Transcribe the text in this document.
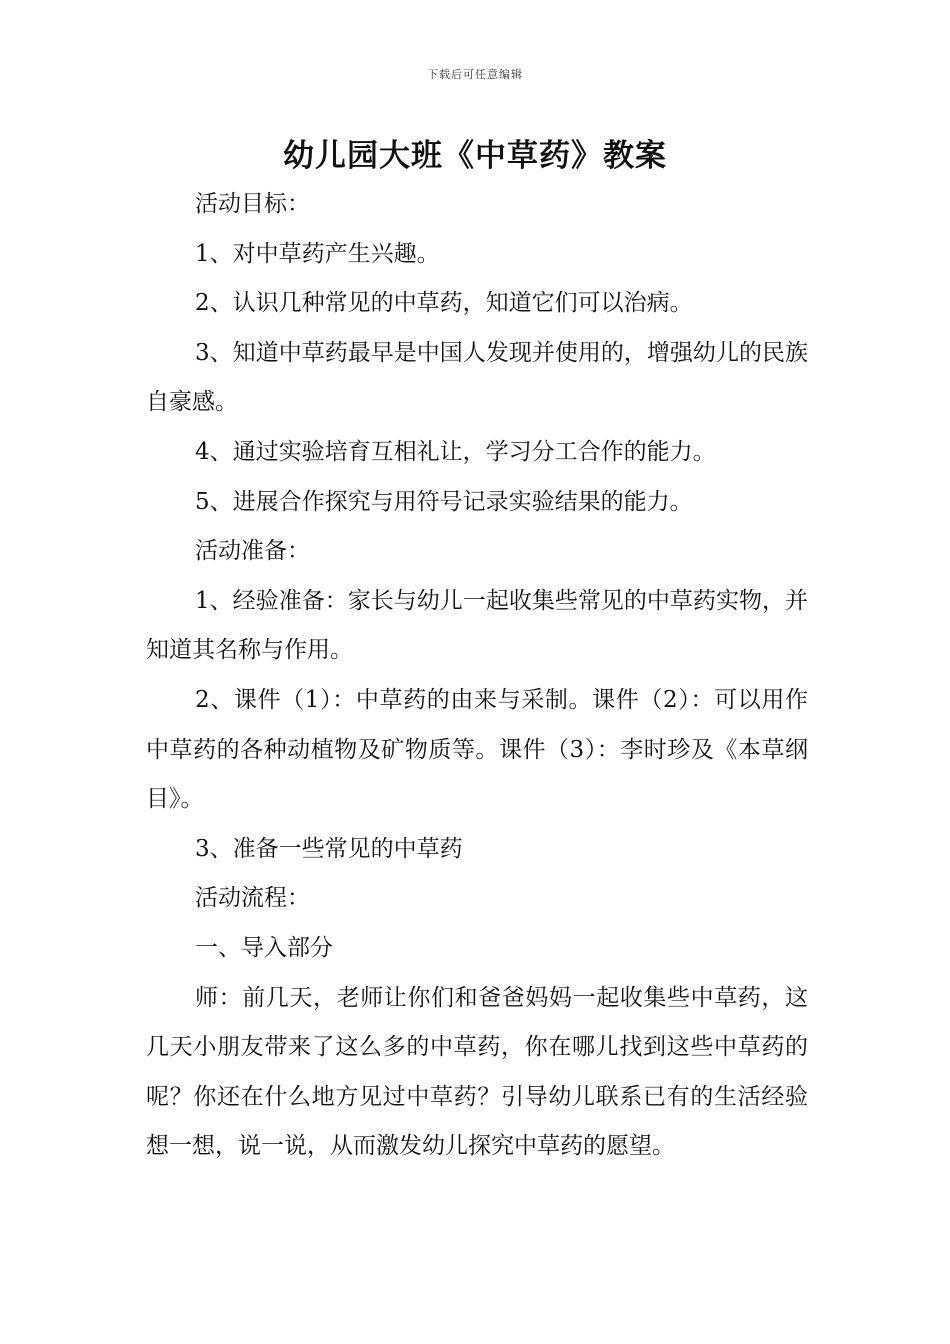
下载后可任意编辑
幼儿园大班《中草药》教案

活动目标：

1、对中草药产生兴趣。

2、认识几种常见的中草药，知道它们可以治病。

3、知道中草药最早是中国人发现并使用的，增强幼儿的民族自豪感。

4、通过实验培育互相礼让，学习分工合作的能力。

5、进展合作探究与用符号记录实验结果的能力。

活动准备：

1、经验准备：家长与幼儿一起收集些常见的中草药实物，并知道其名称与作用。

2、课件（1）：中草药的由来与采制。课件（2）：可以用作中草药的各种动植物及矿物质等。课件（3）：李时珍及《本草纲目》。

3、准备一些常见的中草药

活动流程：

一、导入部分

师：前几天，老师让你们和爸爸妈妈一起收集些中草药，这几天小朋友带来了这么多的中草药，你在哪儿找到这些中草药的呢？你还在什么地方见过中草药？引导幼儿联系已有的生活经验想一想，说一说，从而激发幼儿探究中草药的愿望。
